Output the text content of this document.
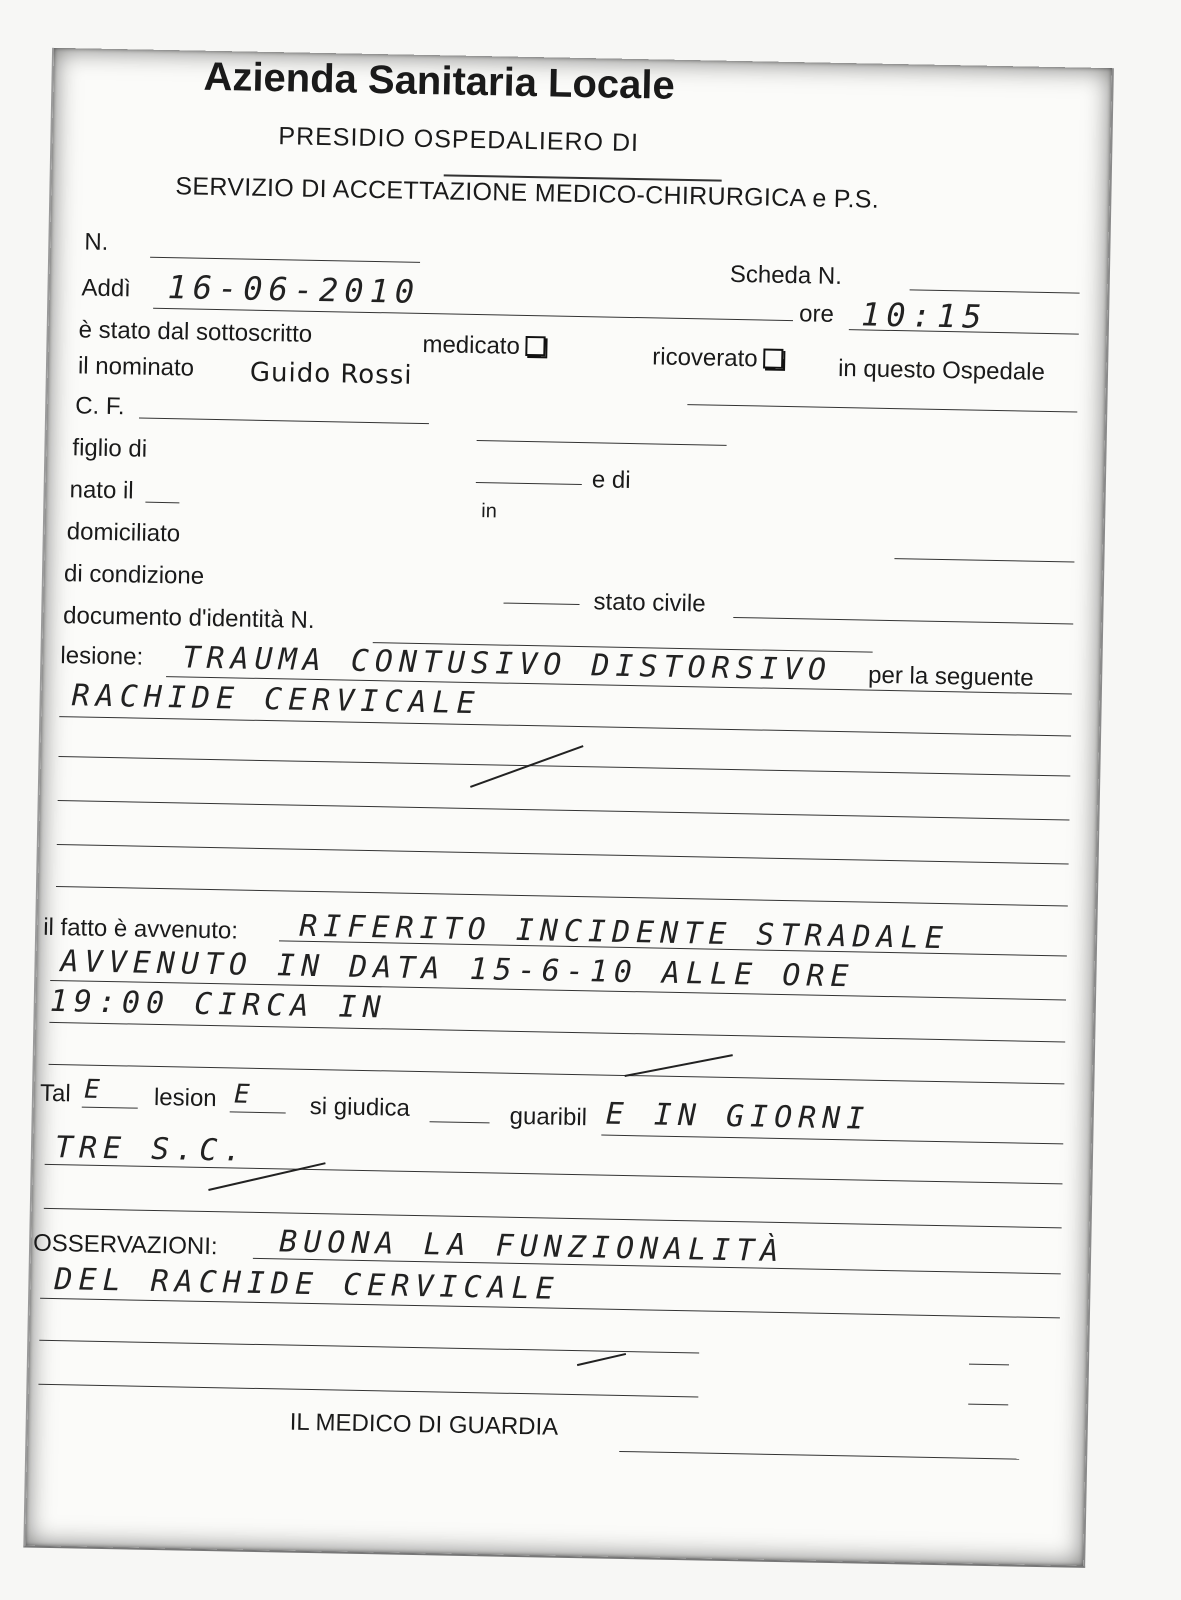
Azienda Sanitaria Locale
PRESIDIO OSPEDALIERO DI
SERVIZIO DI ACCETTAZIONE MEDICO-CHIRURGICA e P.S.
N.
Scheda N.
Addì 16-06-2010
ore 10:15
è stato dal sottoscritto	medicato	ricoverato	in questo Ospedale
il nominato Guido Rossi
C. F.
figlio di
e di
nato il
in
domiciliato
di condizione
stato civile
documento d'identità N.
lesione:
per la seguente
TRAUMA CONTUSIVO DISTORSIVO
RACHIDE CERVICALE
il fatto è avvenuto: RIFERITO INCIDENTE STRADALE
AVVENUTO IN DATA 15-6-10 ALLE ORE
19:00 CIRCA IN
Tal E lesion E si giudica	guaribil E IN GIORNI
TRE S.C.
OSSERVAZIONI: BUONA LA FUNZIONALITÀ
DEL RACHIDE CERVICALE
IL MEDICO DI GUARDIA
